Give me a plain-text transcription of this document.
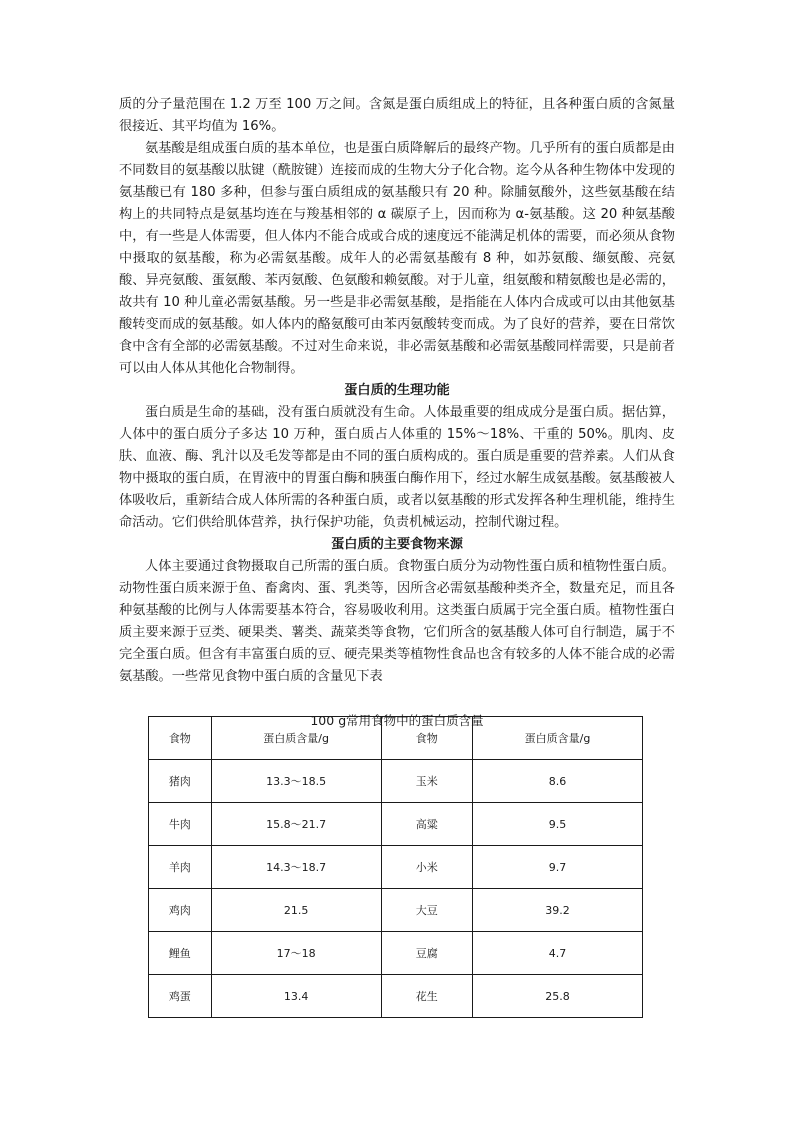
质的分子量范围在 1.2 万至 100 万之间。含氮是蛋白质组成上的特征，且各种蛋白质的含氮量很接近、其平均值为 16%。

氨基酸是组成蛋白质的基本单位，也是蛋白质降解后的最终产物。几乎所有的蛋白质都是由不同数目的氨基酸以肽键（酰胺键）连接而成的生物大分子化合物。迄今从各种生物体中发现的氨基酸已有 180 多种，但参与蛋白质组成的氨基酸只有 20 种。除脯氨酸外，这些氨基酸在结构上的共同特点是氨基均连在与羧基相邻的 α 碳原子上，因而称为 α-氨基酸。这 20 种氨基酸中，有一些是人体需要，但人体内不能合成或合成的速度远不能满足机体的需要，而必须从食物中摄取的氨基酸，称为必需氨基酸。成年人的必需氨基酸有 8 种，如苏氨酸、缬氨酸、亮氨酸、异亮氨酸、蛋氨酸、苯丙氨酸、色氨酸和赖氨酸。对于儿童，组氨酸和精氨酸也是必需的，故共有 10 种儿童必需氨基酸。另一些是非必需氨基酸，是指能在人体内合成或可以由其他氨基酸转变而成的氨基酸。如人体内的酪氨酸可由苯丙氨酸转变而成。为了良好的营养，要在日常饮食中含有全部的必需氨基酸。不过对生命来说，非必需氨基酸和必需氨基酸同样需要，只是前者可以由人体从其他化合物制得。

蛋白质的生理功能

蛋白质是生命的基础，没有蛋白质就没有生命。人体最重要的组成成分是蛋白质。据估算，人体中的蛋白质分子多达 10 万种，蛋白质占人体重的 15%～18%、干重的 50%。肌肉、皮肤、血液、酶、乳汁以及毛发等都是由不同的蛋白质构成的。蛋白质是重要的营养素。人们从食物中摄取的蛋白质，在胃液中的胃蛋白酶和胰蛋白酶作用下，经过水解生成氨基酸。氨基酸被人体吸收后，重新结合成人体所需的各种蛋白质，或者以氨基酸的形式发挥各种生理机能，维持生命活动。它们供给肌体营养，执行保护功能，负责机械运动，控制代谢过程。

蛋白质的主要食物来源

人体主要通过食物摄取自己所需的蛋白质。食物蛋白质分为动物性蛋白质和植物性蛋白质。动物性蛋白质来源于鱼、畜禽肉、蛋、乳类等，因所含必需氨基酸种类齐全，数量充足，而且各种氨基酸的比例与人体需要基本符合，容易吸收利用。这类蛋白质属于完全蛋白质。植物性蛋白质主要来源于豆类、硬果类、薯类、蔬菜类等食物，它们所含的氨基酸人体可自行制造，属于不完全蛋白质。但含有丰富蛋白质的豆、硬壳果类等植物性食品也含有较多的人体不能合成的必需氨基酸。一些常见食物中蛋白质的含量见下表

100 g常用食物中的蛋白质含量
食物	蛋白质含量/g	食物	蛋白质含量/g
猪肉	13.3～18.5	玉米	8.6
牛肉	15.8～21.7	高粱	9.5
羊肉	14.3～18.7	小米	9.7
鸡肉	21.5	大豆	39.2
鲤鱼	17～18	豆腐	4.7
鸡蛋	13.4	花生	25.8
